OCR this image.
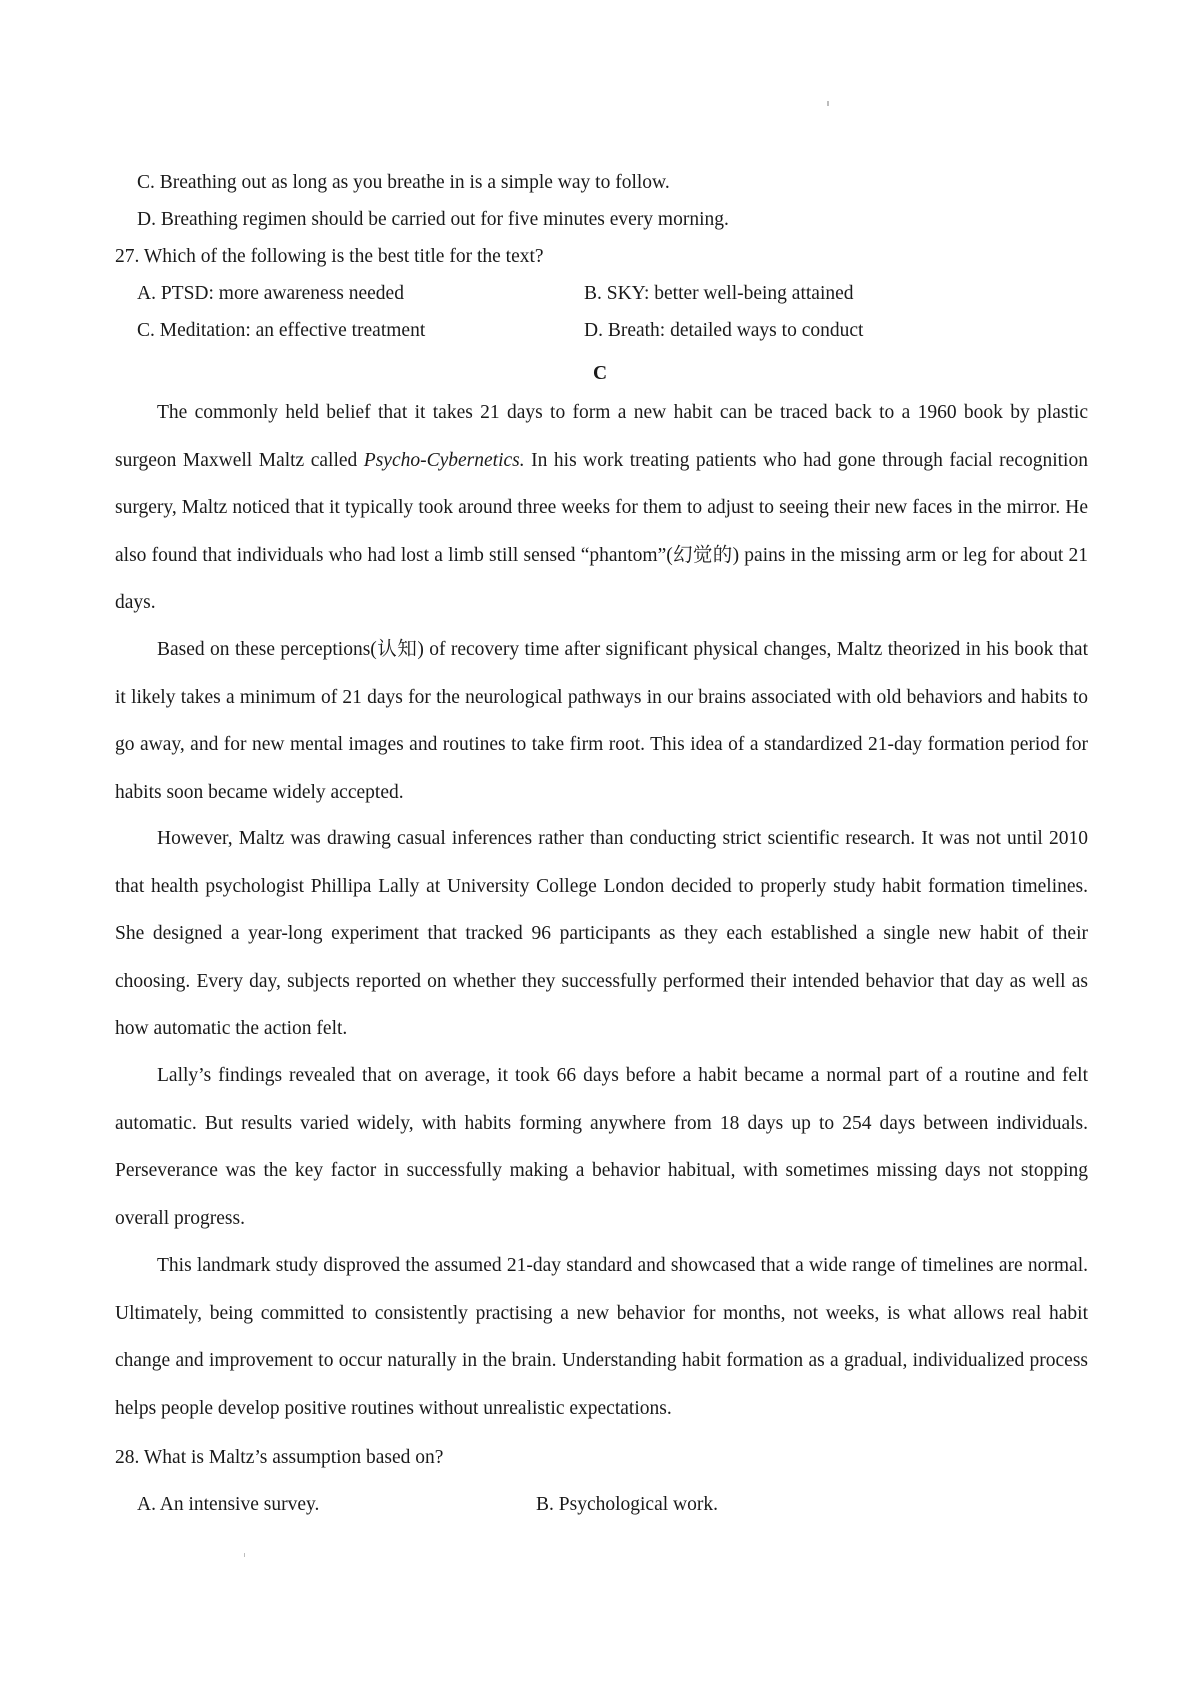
C. Breathing out as long as you breathe in is a simple way to follow.
D. Breathing regimen should be carried out for five minutes every morning.
27. Which of the following is the best title for the text?
A. PTSD: more awareness needed	B. SKY: better well-being attained
C. Meditation: an effective treatment	D. Breath: detailed ways to conduct
C

The commonly held belief that it takes 21 days to form a new habit can be traced back to a 1960 book by plastic surgeon Maxwell Maltz called Psycho-Cybernetics. In his work treating patients who had gone through facial recognition surgery, Maltz noticed that it typically took around three weeks for them to adjust to seeing their new faces in the mirror. He also found that individuals who had lost a limb still sensed “phantom”(幻觉的) pains in the missing arm or leg for about 21 days.

Based on these perceptions(认知) of recovery time after significant physical changes, Maltz theorized in his book that it likely takes a minimum of 21 days for the neurological pathways in our brains associated with old behaviors and habits to go away, and for new mental images and routines to take firm root. This idea of a standardized 21-day formation period for habits soon became widely accepted.

However, Maltz was drawing casual inferences rather than conducting strict scientific research. It was not until 2010 that health psychologist Phillipa Lally at University College London decided to properly study habit formation timelines. She designed a year-long experiment that tracked 96 participants as they each established a single new habit of their choosing. Every day, subjects reported on whether they successfully performed their intended behavior that day as well as how automatic the action felt.

Lally’s findings revealed that on average, it took 66 days before a habit became a normal part of a routine and felt automatic. But results varied widely, with habits forming anywhere from 18 days up to 254 days between individuals. Perseverance was the key factor in successfully making a behavior habitual, with sometimes missing days not stopping overall progress.

This landmark study disproved the assumed 21-day standard and showcased that a wide range of timelines are normal. Ultimately, being committed to consistently practising a new behavior for months, not weeks, is what allows real habit change and improvement to occur naturally in the brain. Understanding habit formation as a gradual, individualized process helps people develop positive routines without unrealistic expectations.

28. What is Maltz’s assumption based on?
A. An intensive survey.	B. Psychological work.
